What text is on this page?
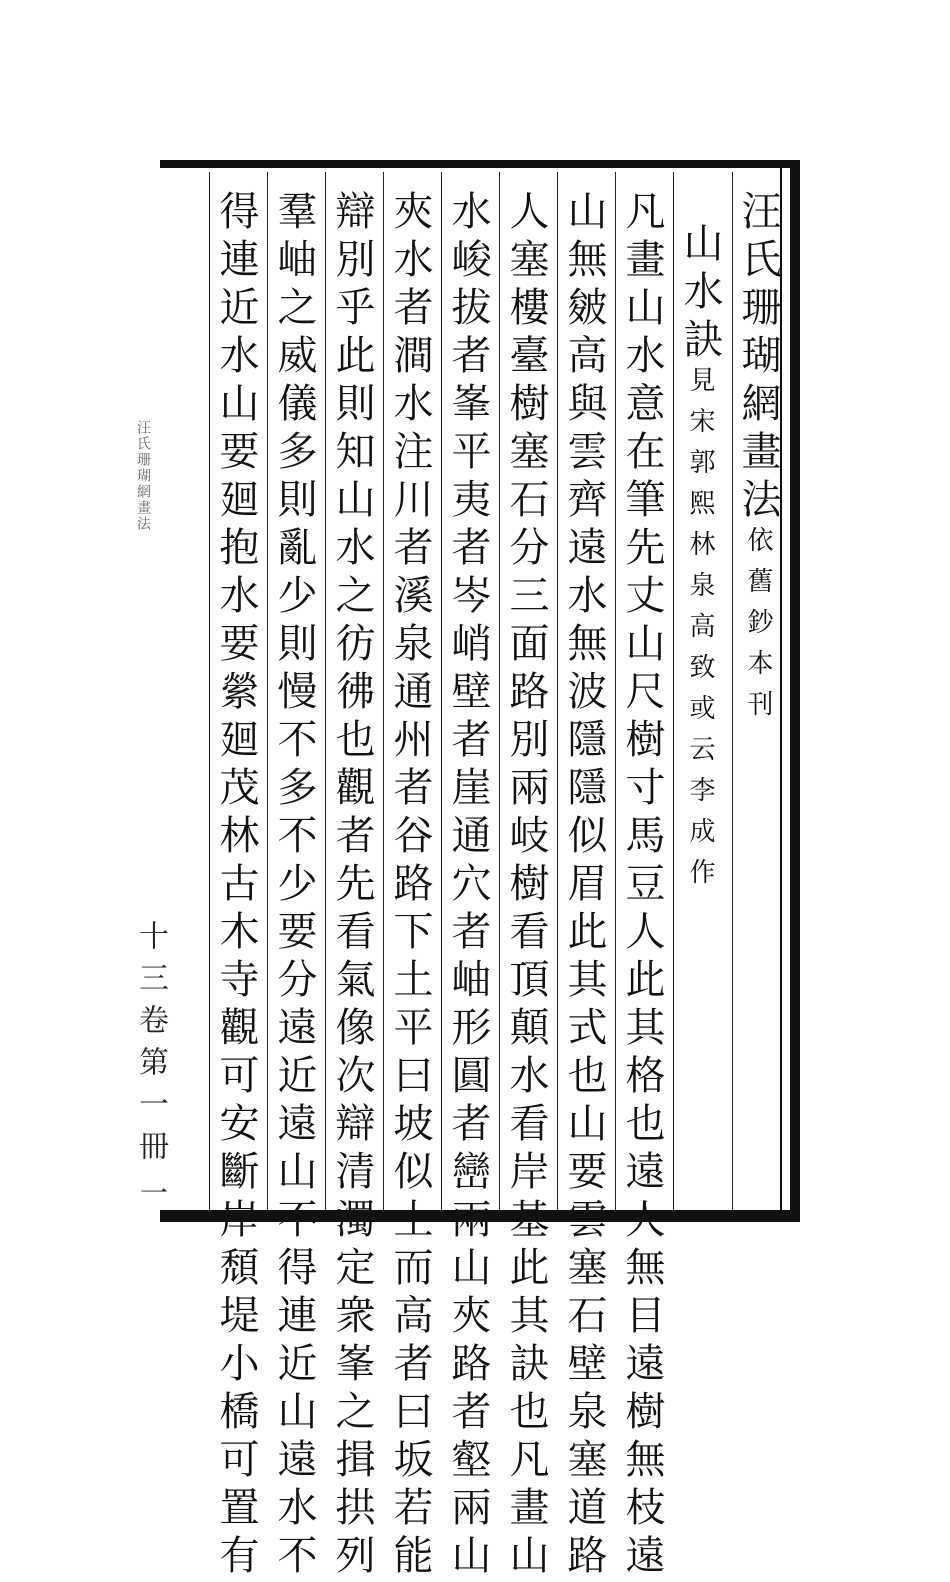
汪氏珊瑚網畫法依舊鈔本刊
山水訣見宋郭熙林泉高致或云李成作
凡畫山水意在筆先丈山尺樹寸馬豆人此其格也遠人無目遠樹無枝遠
山無皴高與雲齊遠水無波隱隱似眉此其式也山要雲塞石壁泉塞道路
人塞樓臺樹塞石分三面路別兩岐樹看頂顛水看岸基此其訣也凡畫山
水峻拔者峯平夷者岑峭壁者崖通穴者岫形圓者巒兩山夾路者壑兩山
夾水者澗水注川者溪泉通州者谷路下土平曰坡似土而高者曰坂若能
辯別乎此則知山水之彷彿也觀者先看氣像次辯清濁定衆峯之揖拱列
羣岫之威儀多則亂少則慢不多不少要分遠近遠山不得連近山遠水不
得連近水山要廻抱水要縈廻茂林古木寺觀可安斷岸頹堤小橋可置有
汪氏珊瑚網畫法
十三卷第一冊
一
